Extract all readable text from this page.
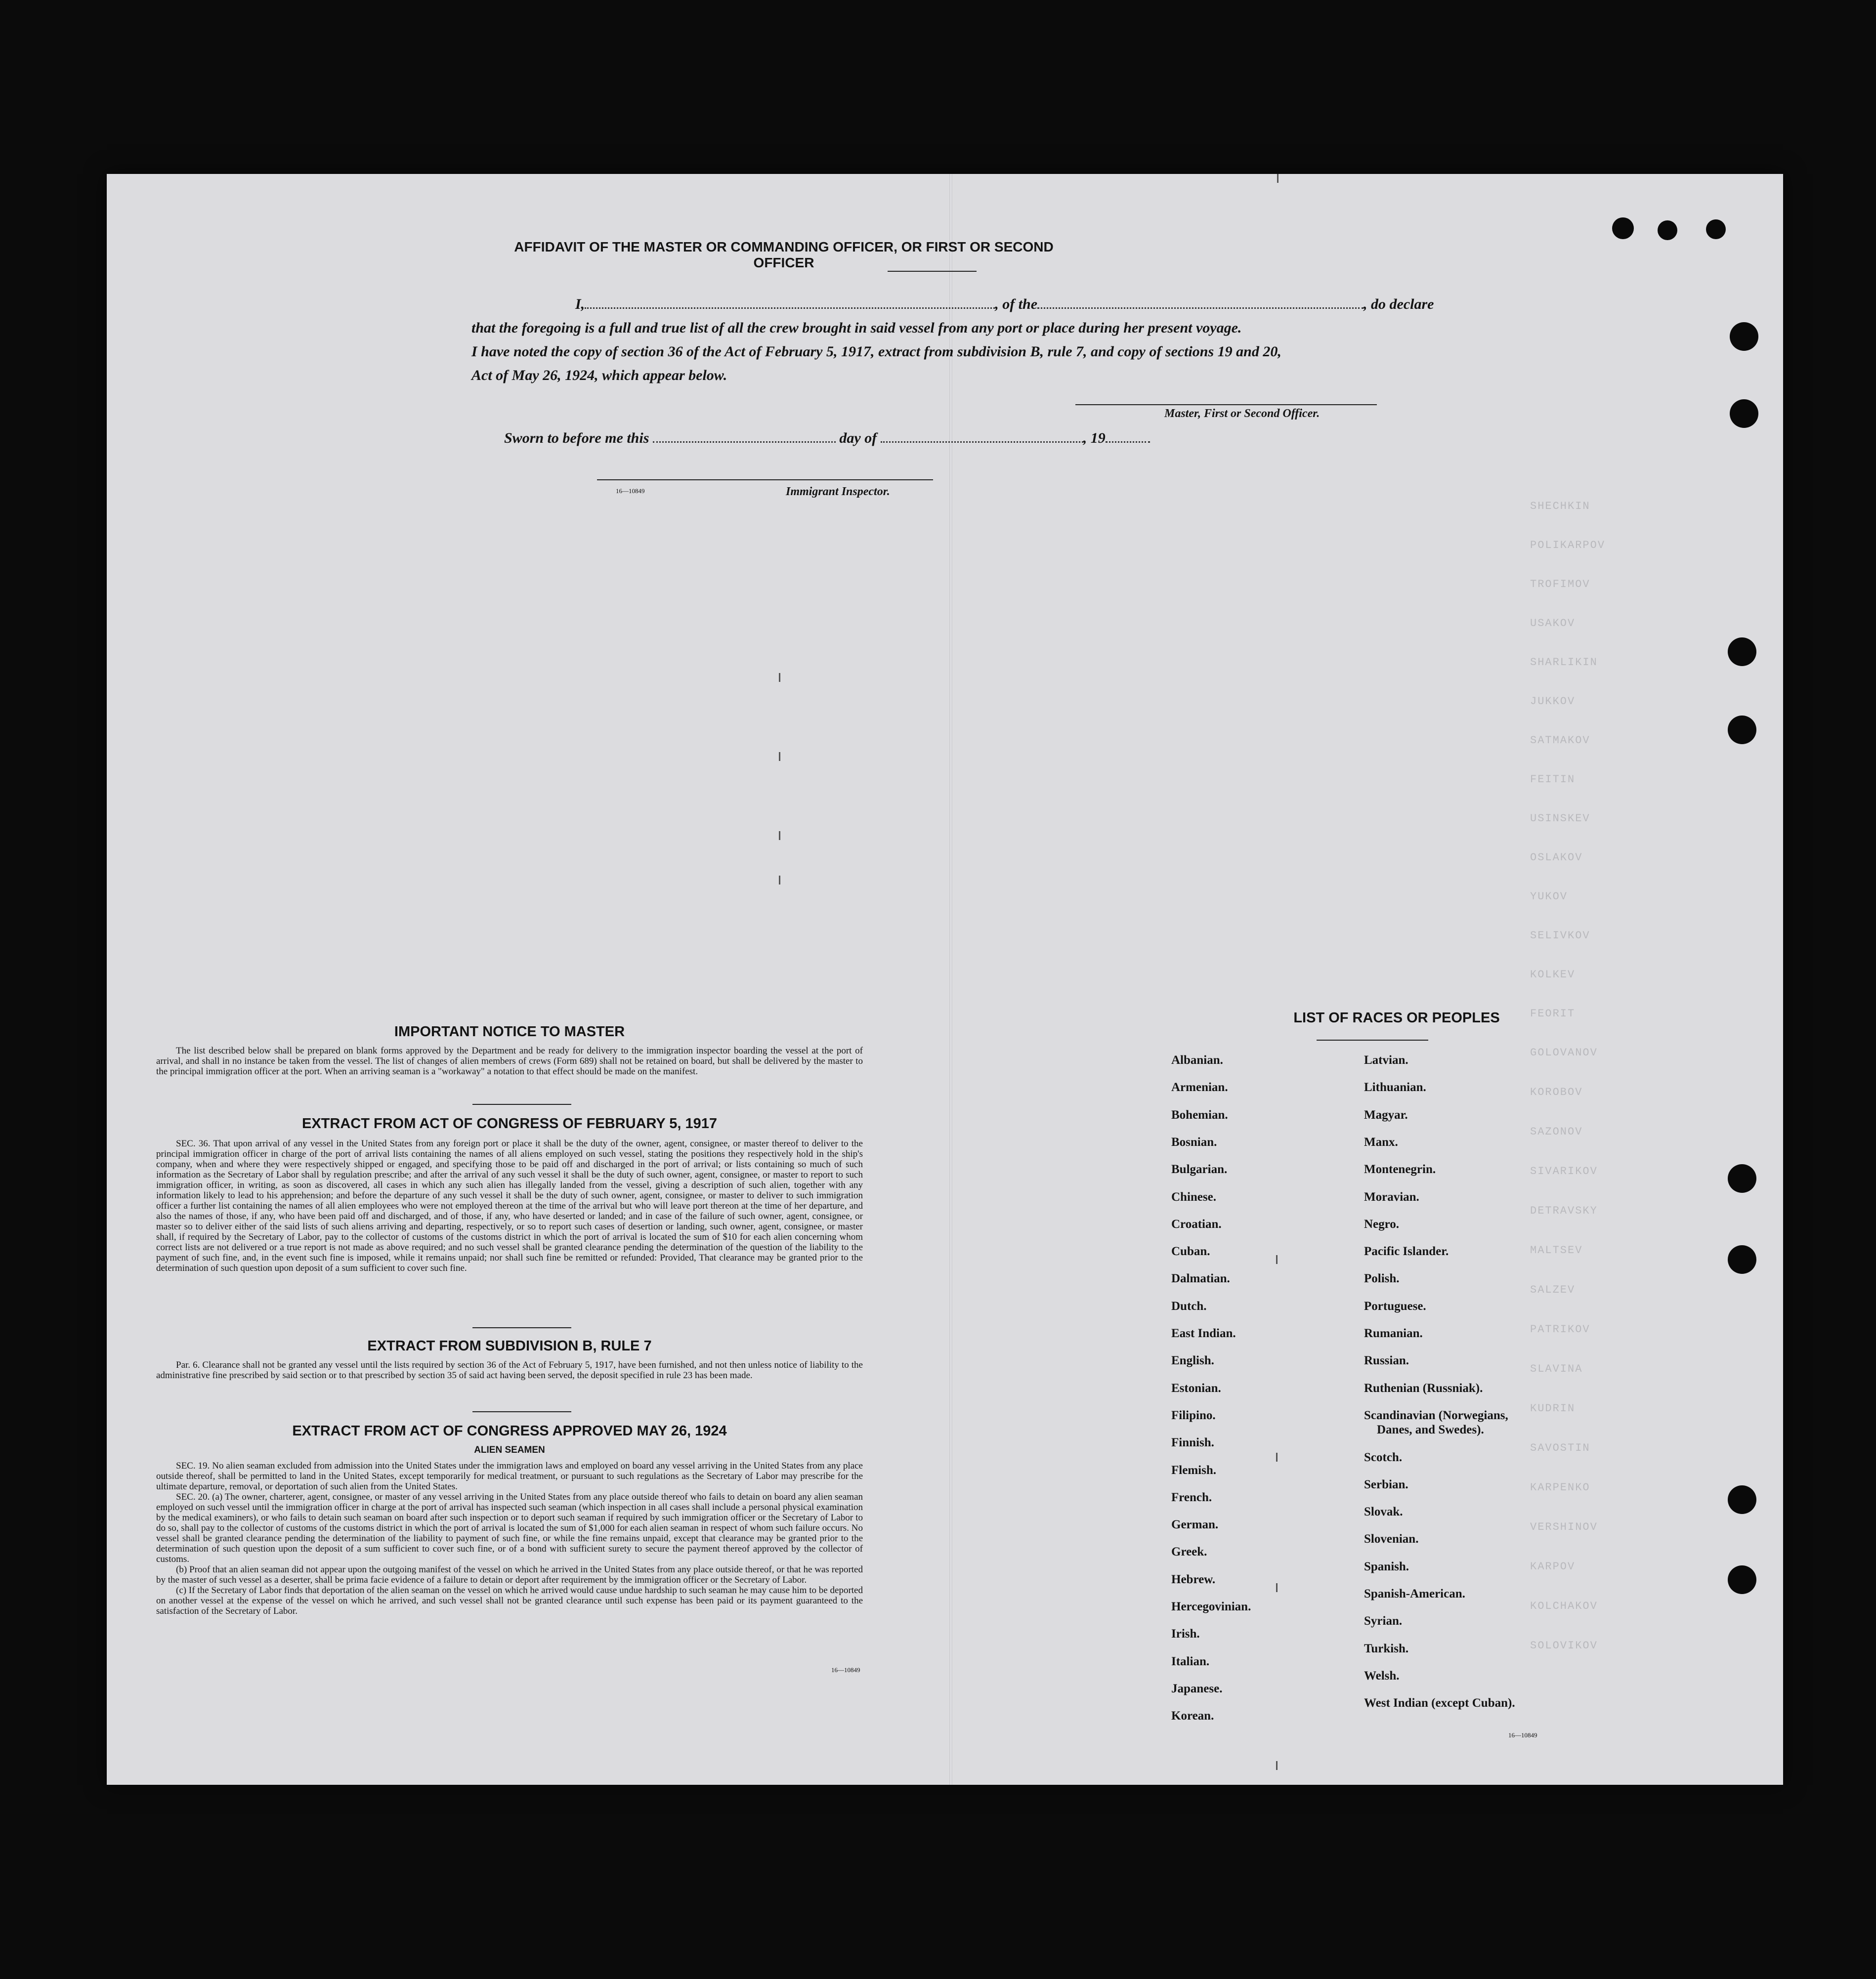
SHECHKIN
POLIKARPOV
TROFIMOV
USAKOV
SHARLIKIN
JUKKOV
SATMAKOV
FEITIN
USINSKEV
OSLAKOV
YUKOV
SELIVKOV
KOLKEV
FEORIT
GOLOVANOV
KOROBOV
SAZONOV
SIVARIKOV
DETRAVSKY
MALTSEV
SALZEV
PATRIKOV
SLAVINA
KUDRIN
SAVOSTIN
KARPENKO
VERSHINOV
KARPOV
KOLCHAKOV
SOLOVIKOV
AFFIDAVIT OF THE MASTER OR COMMANDING OFFICER, OR FIRST OR SECOND OFFICER
I,	, of the	, do declare
that the foregoing is a full and true list of all the crew brought in said vessel from any port or place during her present voyage.
I have noted the copy of section 36 of the Act of February 5, 1917, extract from subdivision B, rule 7, and copy of sections 19 and 20,
Act of May 26, 1924, which appear below.
Master, First or Second Officer.
Sworn to before me this	day of	, 19
16—10849	Immigrant Inspector.
IMPORTANT NOTICE TO MASTER
The list described below shall be prepared on blank forms approved by the Department and be ready for delivery to the immigration inspector boarding the vessel at the port of arrival, and shall in no instance be taken from the vessel. The list of changes of alien members of crews (Form 689) shall not be retained on board, but shall be delivered by the master to the principal immigration officer at the port. When an arriving seaman is a "workaway" a notation to that effect should be made on the manifest.
EXTRACT FROM ACT OF CONGRESS OF FEBRUARY 5, 1917
SEC. 36. That upon arrival of any vessel in the United States from any foreign port or place it shall be the duty of the owner, agent, consignee, or master thereof to deliver to the principal immigration officer in charge of the port of arrival lists containing the names of all aliens employed on such vessel, stating the positions they respectively hold in the ship's company, when and where they were respectively shipped or engaged, and specifying those to be paid off and discharged in the port of arrival; or lists containing so much of such information as the Secretary of Labor shall by regulation prescribe; and after the arrival of any such vessel it shall be the duty of such owner, agent, consignee, or master to report to such immigration officer, in writing, as soon as discovered, all cases in which any such alien has illegally landed from the vessel, giving a description of such alien, together with any information likely to lead to his apprehension; and before the departure of any such vessel it shall be the duty of such owner, agent, consignee, or master to deliver to such immigration officer a further list containing the names of all alien employees who were not employed thereon at the time of the arrival but who will leave port thereon at the time of her departure, and also the names of those, if any, who have been paid off and discharged, and of those, if any, who have deserted or landed; and in case of the failure of such owner, agent, consignee, or master so to deliver either of the said lists of such aliens arriving and departing, respectively, or so to report such cases of desertion or landing, such owner, agent, consignee, or master shall, if required by the Secretary of Labor, pay to the collector of customs of the customs district in which the port of arrival is located the sum of $10 for each alien concerning whom correct lists are not delivered or a true report is not made as above required; and no such vessel shall be granted clearance pending the determination of the question of the liability to the payment of such fine, and, in the event such fine is imposed, while it remains unpaid; nor shall such fine be remitted or refunded: Provided, That clearance may be granted prior to the determination of such question upon deposit of a sum sufficient to cover such fine.
EXTRACT FROM SUBDIVISION B, RULE 7
Par. 6. Clearance shall not be granted any vessel until the lists required by section 36 of the Act of February 5, 1917, have been furnished, and not then unless notice of liability to the administrative fine prescribed by said section or to that prescribed by section 35 of said act having been served, the deposit specified in rule 23 has been made.
EXTRACT FROM ACT OF CONGRESS APPROVED MAY 26, 1924
ALIEN SEAMEN
SEC. 19. No alien seaman excluded from admission into the United States under the immigration laws and employed on board any vessel arriving in the United States from any place outside thereof, shall be permitted to land in the United States, except temporarily for medical treatment, or pursuant to such regulations as the Secretary of Labor may prescribe for the ultimate departure, removal, or deportation of such alien from the United States.
SEC. 20. (a) The owner, charterer, agent, consignee, or master of any vessel arriving in the United States from any place outside thereof who fails to detain on board any alien seaman employed on such vessel until the immigration officer in charge at the port of arrival has inspected such seaman (which inspection in all cases shall include a personal physical examination by the medical examiners), or who fails to detain such seaman on board after such inspection or to deport such seaman if required by such immigration officer or the Secretary of Labor to do so, shall pay to the collector of customs of the customs district in which the port of arrival is located the sum of $1,000 for each alien seaman in respect of whom such failure occurs. No vessel shall be granted clearance pending the determination of the liability to payment of such fine, or while the fine remains unpaid, except that clearance may be granted prior to the determination of such question upon the deposit of a sum sufficient to cover such fine, or of a bond with sufficient surety to secure the payment thereof approved by the collector of customs.
(b) Proof that an alien seaman did not appear upon the outgoing manifest of the vessel on which he arrived in the United States from any place outside thereof, or that he was reported by the master of such vessel as a deserter, shall be prima facie evidence of a failure to detain or deport after requirement by the immigration officer or the Secretary of Labor.
(c) If the Secretary of Labor finds that deportation of the alien seaman on the vessel on which he arrived would cause undue hardship to such seaman he may cause him to be deported on another vessel at the expense of the vessel on which he arrived, and such vessel shall not be granted clearance until such expense has been paid or its payment guaranteed to the satisfaction of the Secretary of Labor.
16—10849
LIST OF RACES OR PEOPLES
Albanian.
Armenian.
Bohemian.
Bosnian.
Bulgarian.
Chinese.
Croatian.
Cuban.
Dalmatian.
Dutch.
East Indian.
English.
Estonian.
Filipino.
Finnish.
Flemish.
French.
German.
Greek.
Hebrew.
Hercegovinian.
Irish.
Italian.
Japanese.
Korean.
Latvian.
Lithuanian.
Magyar.
Manx.
Montenegrin.
Moravian.
Negro.
Pacific Islander.
Polish.
Portuguese.
Rumanian.
Russian.
Ruthenian (Russniak).
Scandinavian (Norwegians,
Danes, and Swedes).
Scotch.
Serbian.
Slovak.
Slovenian.
Spanish.
Spanish-American.
Syrian.
Turkish.
Welsh.
West Indian (except Cuban).
16—10849
